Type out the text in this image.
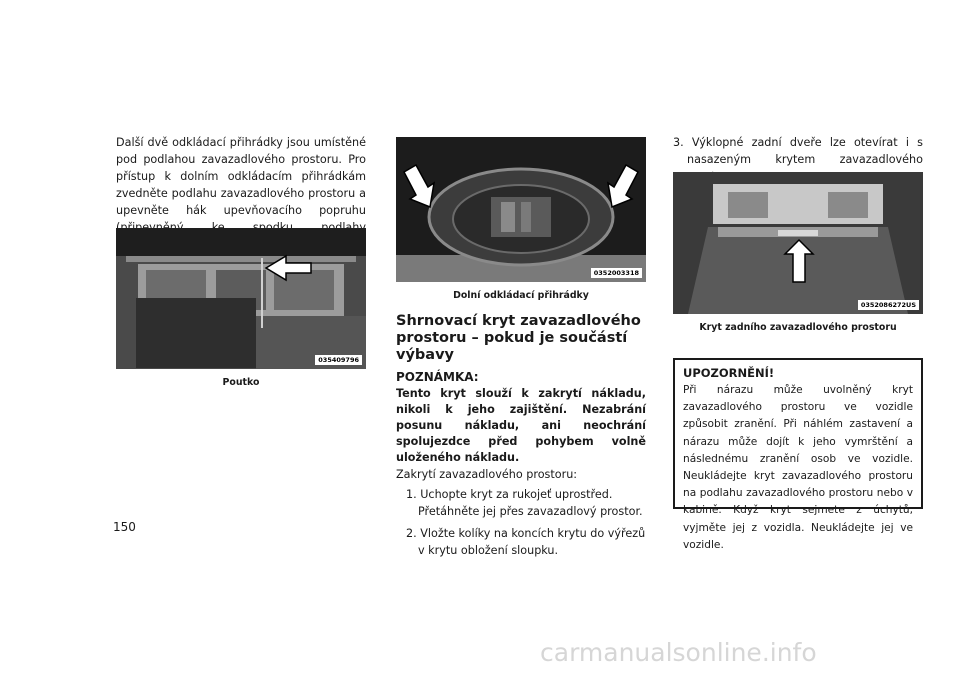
Další dvě odkládací přihrádky jsou umístěné pod podlahou zavazadlového prostoru. Pro přístup k dolním odkládacím přihrádkám zvedněte podlahu zavazadlového prostoru a upevněte hák upevňovacího popruhu

035409796
Poutko
0352003318
Dolní odkládací přihrádky
Shrnovací kryt zavazadlového prostoru – pokud je součástí výbavy

POZNÁMKA:

Tento kryt slouží k zakrytí nákladu, nikoli k jeho zajištění. Nezabrání posunu nákladu, ani neochrání spolujezdce před pohybem volně uloženého nákladu.

Zakrytí zavazadlového prostoru:

1. Uchopte kryt za rukojeť uprostřed. Přetáhněte jej přes zavazadlový prostor.

2. Vložte kolíky na koncích krytu do výřezů v krytu obložení sloupku.

3. Výklopné zadní dveře lze otevírat i s nasazeným krytem zavazadlového

0352086272US
Kryt zadního zavazadlového prostoru

UPOZORNĚNÍ!

Při nárazu může uvolněný kryt zavazadlového prostoru ve vozidle způsobit zranění. Při náhlém zastavení a nárazu může dojít k jeho vymrštění a následnému zranění osob ve vozidle. Neukládejte kryt zavazadlového prostoru na podlahu zavazadlového prostoru nebo v kabině. Když kryt sejmete z úchytů, vyjměte jej z vozidla. Neukládejte jej ve vozidle.

150
carmanualsonline.info
